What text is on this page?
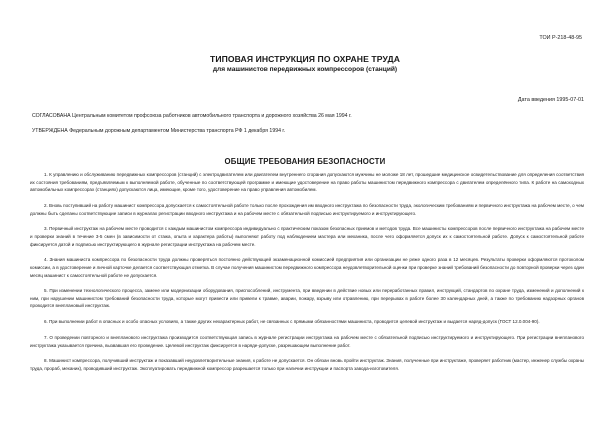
ТОИ Р-218-48-95
ТИПОВАЯ ИНСТРУКЦИЯ ПО ОХРАНЕ ТРУДА
для машинистов передвижных компрессоров (станций)
Дата введения 1995-07-01
СОГЛАСОВАНА Центральным комитетом профсоюза работников автомобильного транспорта и дорожного хозяйства 26 мая 1994 г.
УТВЕРЖДЕНА Федеральным дорожным департаментом Министерства транспорта РФ 1 декабря 1994 г.
ОБЩИЕ ТРЕБОВАНИЯ БЕЗОПАСНОСТИ

1. К управлению и обслуживанию передвижных компрессоров (станций) с электродвигателем или двигателем внутреннего сгорания допускаются мужчины не моложе 18 лет, прошедшие медицинское освидетельствование для определения соответствия их состояния требованиям, предъявляемым к выполняемой работе, обученные по соответствующей программе и имеющие удостоверение на право работы машинистом передвижного компрессора с двигателем определённого типа. К работе на самоходных автомобильных компрессорах (станциях) допускаются лица, имеющие, кроме того, удостоверение на право управления автомобилем.

2. Вновь поступивший на работу машинист компрессора допускается к самостоятельной работе только после прохождения им вводного инструктажа по безопасности труда, экологическим требованиям и первичного инструктажа на рабочем месте, о чем должны быть сделаны соответствующие записи в журналах регистрации вводного инструктажа и на рабочем месте с обязательной подписью инструктируемого и инструктирующего.

3. Первичный инструктаж на рабочем месте проводится с каждым машинистом компрессора индивидуально с практическим показом безопасных приемов и методов труда. Все машинисты компрессоров после первичного инструктажа на рабочем месте и проверки знаний в течение 3-5 смен (в зависимости от стажа, опыта и характера работы) выполняют работу под наблюдением мастера или механика, после чего оформляется допуск их к самостоятельной работе. Допуск к самостоятельной работе фиксируется датой и подписью инструктирующего в журнале регистрации инструктажа на рабочем месте.

4. Знания машиниста компрессора по безопасности труда должны проверяться постоянно действующей экзаменационной комиссией предприятия или организации не реже одного раза в 12 месяцев. Результаты проверки оформляются протоколом комиссии, а в удостоверение и личной карточке делается соответствующая отметка. В случае получения машинистом передвижного компрессора неудовлетворительной оценки при проверке знаний требований безопасности до повторной проверки через один месяц машинист к самостоятельной работе не допускается.

5. При изменении технологического процесса, замене или модернизации оборудования, приспособлений, инструмента, при введении в действие новых или переработанных правил, инструкций, стандартов по охране труда, изменений и дополнений к ним, при нарушении машинистом требований безопасности труда, которые могут привести или привели к травме, аварии, пожару, взрыву или отравлению, при перерывах в работе более 30 календарных дней, а также по требованию надзорных органов проводится внеплановый инструктаж.

6. При выполнении работ в опасных и особо опасных условиях, а также других нехарактерных работ, не связанных с прямыми обязанностями машиниста, проводится целевой инструктаж и выдается наряд-допуск (ГОСТ 12.0.004-90).

7. О проведении повторного и внепланового инструктажа производится соответствующая запись в журнале регистрации инструктажа на рабочем месте с обязательной подписью инструктируемого и инструктирующего. При регистрации внепланового инструктажа указывается причина, вызвавшая его проведение. Целевой инструктаж фиксируется в наряде-допуске, разрешающем выполнение работ.

8. Машинист компрессора, получивший инструктаж и показавший неудовлетворительные знания, к работе не допускается. Он обязан вновь пройти инструктаж. Знания, полученные при инструктаже, проверяет работник (мастер, инженер службы охраны труда, прораб, механик), проводивший инструктаж. Эксплуатировать передвижной компрессор разрешается только при наличии инструкции и паспорта завода-изготовителя.
